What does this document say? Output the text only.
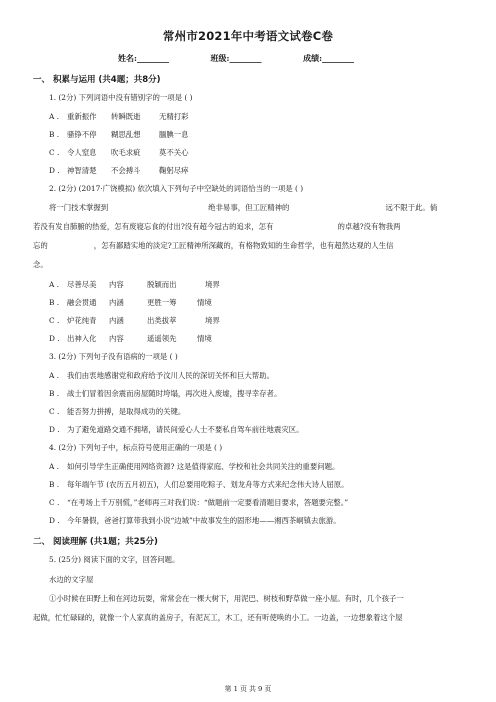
常州市2021年中考语文试卷C卷
姓名:________	班级:________	成绩:________
一、 积累与运用 (共4题；共8分)
1. (2分) 下列词语中没有错别字的一项是 ( )
A . 重新振作 转瞬既逝 无精打彩
B . 骚铮不停 糊思乱想 腼腆一息
C . 令人窒息 吹毛求疵 莫不关心
D . 神智清楚 不会搏斗 鞠躬尽瘁
2. (2分) (2017·广饶模拟) 依次填入下列句子中空缺处的词语恰当的一项是 ( )
将一门技术掌握到	绝非易事，但工匠精神的	远不限于此。倘
若没有发自肺腑的热爱，怎有废寝忘食的付出?没有超今冠古的追求，怎有	的卓越?没有物我两
忘的	，怎有鄙踏实地的淡定?工匠精神所深藏的，有格物致知的生命哲学，也有超然达观的人生信
念。
A . 尽善尽美 内容	脱颖而出	境界
B . 融会贯通 内涵	更胜一筹	情境
C . 炉花纯青 内涵	出类拔萃	境界
D . 出神入化 内容	遥遥领先	情境
3. (2分) 下列句子没有语病的一项是 ( )
A . 我们由衷地感谢党和政府给予汶川人民的深切关怀和巨大帮助。
B . 战士们冒着因余震而房屋随时垮塌，再次进入废墟，搜寻幸存者。
C . 能否努力拼搏，是取得成功的关键。
D . 为了避免道路交通不拥堵，请民间爱心人士不要私自驾车前往地震灾区。
4. (2分) 下列句子中，标点符号使用正确的一项是 ( )
A . 如何引导学生正确使用网络资源? 这是值得家庭、学校和社会共同关注的重要问题。
B . 每年端午节 (农历五月初五)，人们总要用吃粽子、划龙舟等方式来纪念伟大诗人屈原。
C . “在考场上千万别慌，”老师再三对我们说：“做题前一定要看清题目要求，答题要完整。”
D . 今年暑假，爸爸打算带我到小说“边城”中故事发生的固形地——湘西茶峒镇去旅游。
二、 阅读理解 (共1题；共25分)
5. (25分) 阅读下面的文字，回答问题。
水边的文字屋
①小时候在田野上和在河边玩耍，常常会在一棵大树下，用泥巴、树枝和野草做一座小屋。有时，几个孩子一
起做，忙忙碌碌的，就像一个人家真的盖房子，有泥瓦工，木工，还有听使唤的小工。一边盖，一边想象着这个屋
第 1 页 共 9 页
